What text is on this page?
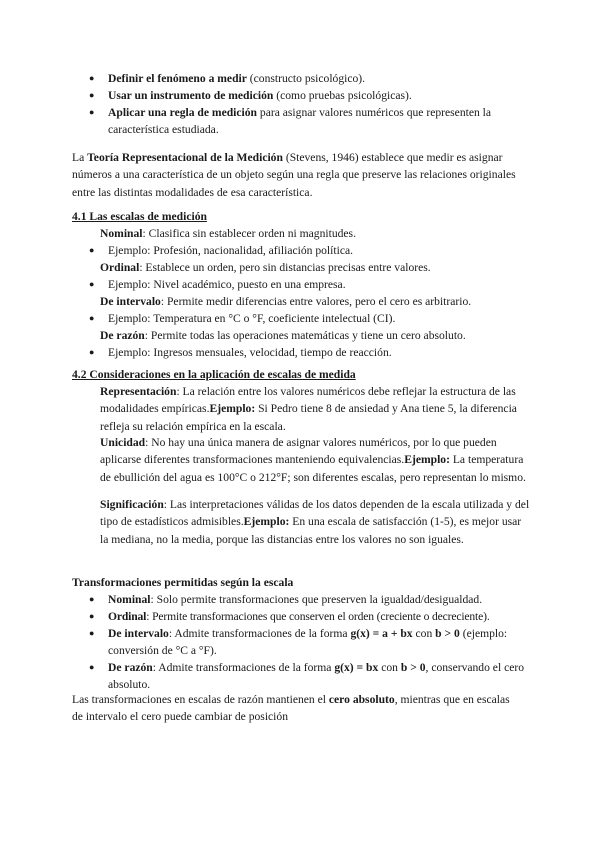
● Definir el fenómeno a medir (constructo psicológico).
● Usar un instrumento de medición (como pruebas psicológicas).
● Aplicar una regla de medición para asignar valores numéricos que representen la característica estudiada.
La Teoría Representacional de la Medición (Stevens, 1946) establece que medir es asignar números a una característica de un objeto según una regla que preserve las relaciones originales entre las distintas modalidades de esa característica.
4.1 Las escalas de medición
Nominal: Clasifica sin establecer orden ni magnitudes.
● Ejemplo: Profesión, nacionalidad, afiliación política.
Ordinal: Establece un orden, pero sin distancias precisas entre valores.
● Ejemplo: Nivel académico, puesto en una empresa.
De intervalo: Permite medir diferencias entre valores, pero el cero es arbitrario.
● Ejemplo: Temperatura en °C o °F, coeficiente intelectual (CI).
De razón: Permite todas las operaciones matemáticas y tiene un cero absoluto.
● Ejemplo: Ingresos mensuales, velocidad, tiempo de reacción.
4.2 Consideraciones en la aplicación de escalas de medida
Representación: La relación entre los valores numéricos debe reflejar la estructura de las modalidades empíricas.Ejemplo: Si Pedro tiene 8 de ansiedad y Ana tiene 5, la diferencia refleja su relación empírica en la escala.
Unicidad: No hay una única manera de asignar valores numéricos, por lo que pueden aplicarse diferentes transformaciones manteniendo equivalencias.Ejemplo: La temperatura de ebullición del agua es 100°C o 212°F; son diferentes escalas, pero representan lo mismo.
Significación: Las interpretaciones válidas de los datos dependen de la escala utilizada y del tipo de estadísticos admisibles.Ejemplo: En una escala de satisfacción (1-5), es mejor usar la mediana, no la media, porque las distancias entre los valores no son iguales.
Transformaciones permitidas según la escala
● Nominal: Solo permite transformaciones que preserven la igualdad/desigualdad.
● Ordinal: Permite transformaciones que conserven el orden (creciente o decreciente).
● De intervalo: Admite transformaciones de la forma g(x) = a + bx con b > 0 (ejemplo: conversión de °C a °F).
● De razón: Admite transformaciones de la forma g(x) = bx con b > 0, conservando el cero absoluto.
Las transformaciones en escalas de razón mantienen el cero absoluto, mientras que en escalas de intervalo el cero puede cambiar de posición
